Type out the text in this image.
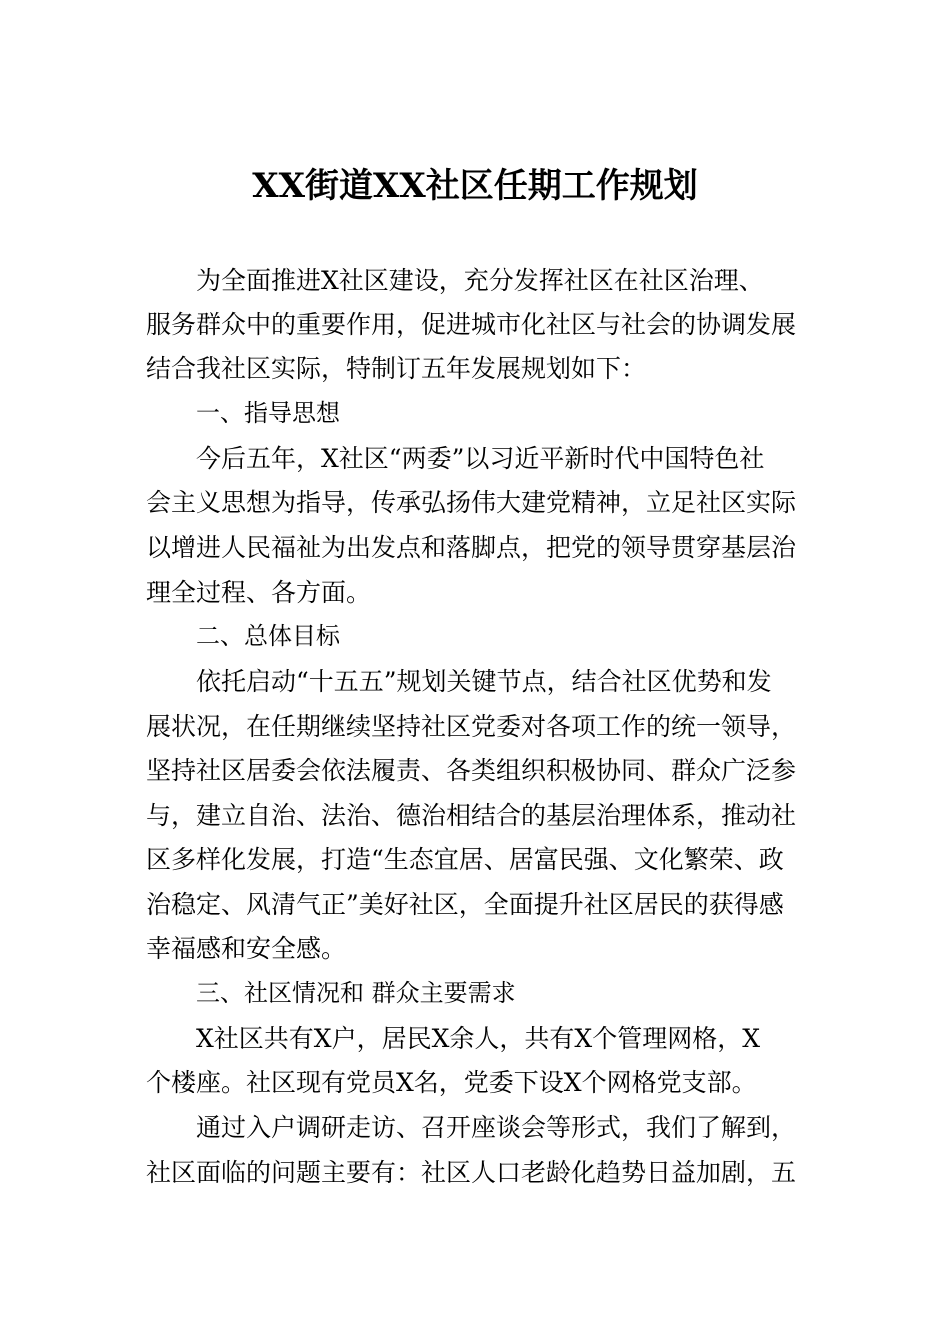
XX街道XX社区任期工作规划
为全面推进X社区建设，充分发挥社区在社区治理、
服务群众中的重要作用，促进城市化社区与社会的协调发展
结合我社区实际，特制订五年发展规划如下：
一、指导思想
今后五年，X社区“两委”以习近平新时代中国特色社
会主义思想为指导，传承弘扬伟大建党精神，立足社区实际
以增进人民福祉为出发点和落脚点，把党的领导贯穿基层治
理全过程、各方面。
二、总体目标
依托启动“十五五”规划关键节点，结合社区优势和发
展状况，在任期继续坚持社区党委对各项工作的统一领导，
坚持社区居委会依法履责、各类组织积极协同、群众广泛参
与，建立自治、法治、德治相结合的基层治理体系，推动社
区多样化发展，打造“生态宜居、居富民强、文化繁荣、政
治稳定、风清气正”美好社区，全面提升社区居民的获得感
幸福感和安全感。
三、社区情况和 群众主要需求
X社区共有X户，居民X余人，共有X个管理网格，X
个楼座。社区现有党员X名，党委下设X个网格党支部。
通过入户调研走访、召开座谈会等形式，我们了解到，
社区面临的问题主要有：社区人口老龄化趋势日益加剧，五
